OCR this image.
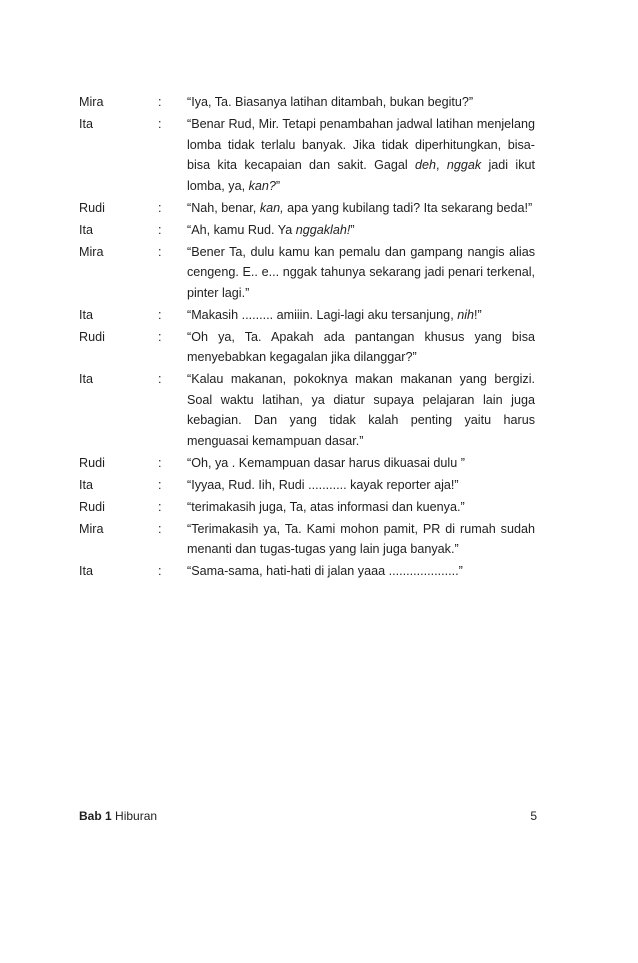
Mira	:	“Iya, Ta. Biasanya latihan ditambah, bukan begitu?”
Ita	:	“Benar Rud, Mir. Tetapi penambahan jadwal latihan menjelang lomba tidak terlalu banyak. Jika tidak diperhitungkan, bisa-bisa kita kecapaian dan sakit. Gagal deh, nggak jadi ikut lomba, ya, kan?”
Rudi	:	“Nah, benar, kan, apa yang kubilang tadi? Ita sekarang beda!”
Ita	:	“Ah, kamu Rud. Ya nggaklah!”
Mira	:	“Bener Ta, dulu kamu kan pemalu dan gampang nangis alias cengeng. E.. e... nggak tahunya sekarang jadi penari terkenal, pinter lagi.”
Ita	:	“Makasih ......... amiiin. Lagi-lagi aku tersanjung, nih!”
Rudi	:	“Oh ya, Ta. Apakah ada pantangan khusus yang bisa menyebabkan kegagalan jika dilanggar?”
Ita	:	“Kalau makanan, pokoknya makan makanan yang bergizi. Soal waktu latihan, ya diatur supaya pelajaran lain juga kebagian. Dan yang tidak kalah penting yaitu harus menguasai kemampuan dasar.”
Rudi	:	“Oh, ya . Kemampuan dasar harus dikuasai dulu ”
Ita	:	“Iyyaa, Rud. Iih, Rudi ........... kayak reporter aja!”
Rudi	:	“terimakasih juga, Ta, atas informasi dan kuenya.”
Mira	:	“Terimakasih ya, Ta. Kami mohon pamit, PR di rumah sudah menanti dan tugas-tugas yang lain juga banyak.”
Ita	:	“Sama-sama, hati-hati di jalan yaaa ....................”
Bab 1 Hiburan	5
